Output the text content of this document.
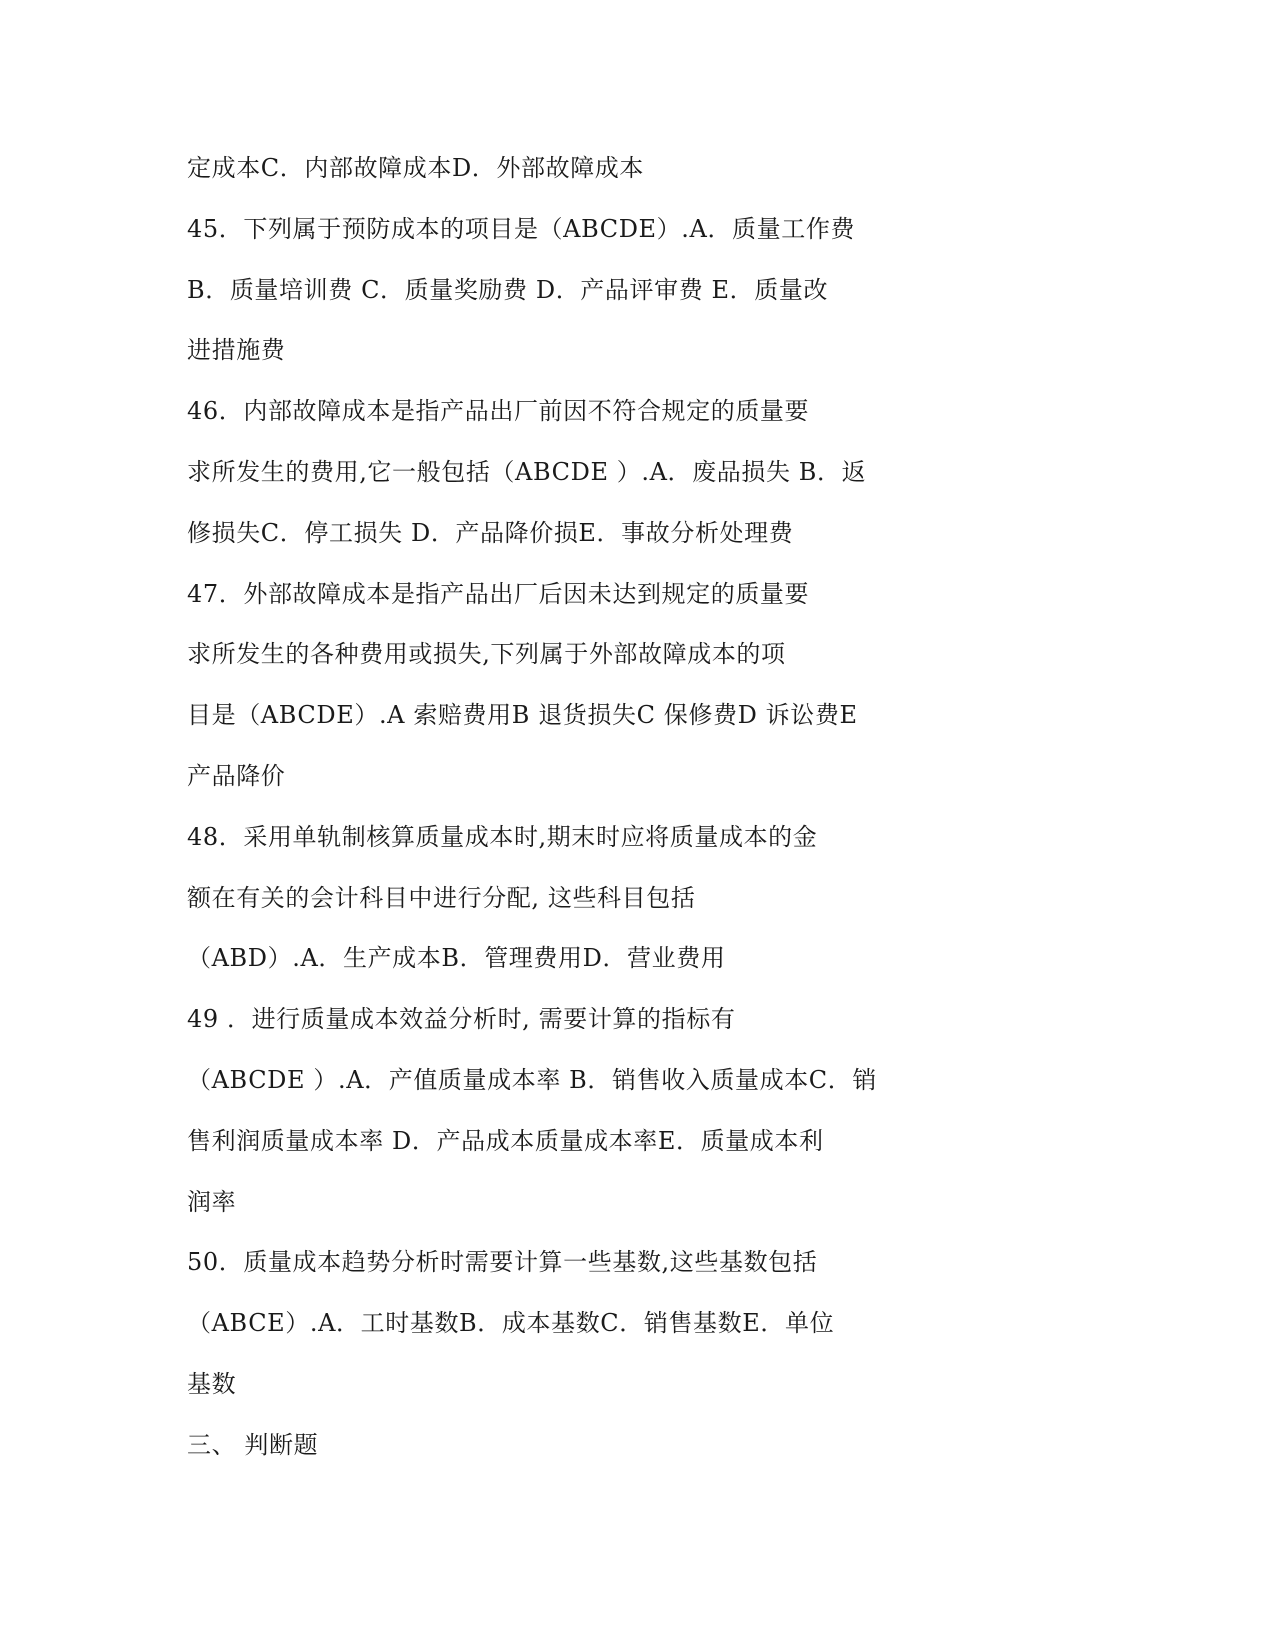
定成本C．内部故障成本D．外部故障成本
45．下列属于预防成本的项目是（ABCDE）.A．质量工作费
B．质量培训费 C．质量奖励费 D．产品评审费 E．质量改
进措施费
46．内部故障成本是指产品出厂前因不符合规定的质量要
求所发生的费用,它一般包括（ABCDE ）.A．废品损失 B．返
修损失C．停工损失 D．产品降价损E．事故分析处理费
47．外部故障成本是指产品出厂后因未达到规定的质量要
求所发生的各种费用或损失,下列属于外部故障成本的项
目是（ABCDE）.A 索赔费用B 退货损失C 保修费D 诉讼费E
产品降价
48．采用单轨制核算质量成本时,期末时应将质量成本的金
额在有关的会计科目中进行分配, 这些科目包括
（ABD）.A．生产成本B．管理费用D．营业费用
49 ．进行质量成本效益分析时, 需要计算的指标有
（ABCDE ）.A．产值质量成本率 B．销售收入质量成本C．销
售利润质量成本率 D．产品成本质量成本率E．质量成本利
润率
50．质量成本趋势分析时需要计算一些基数,这些基数包括
（ABCE）.A．工时基数B．成本基数C．销售基数E．单位
基数
三、 判断题
